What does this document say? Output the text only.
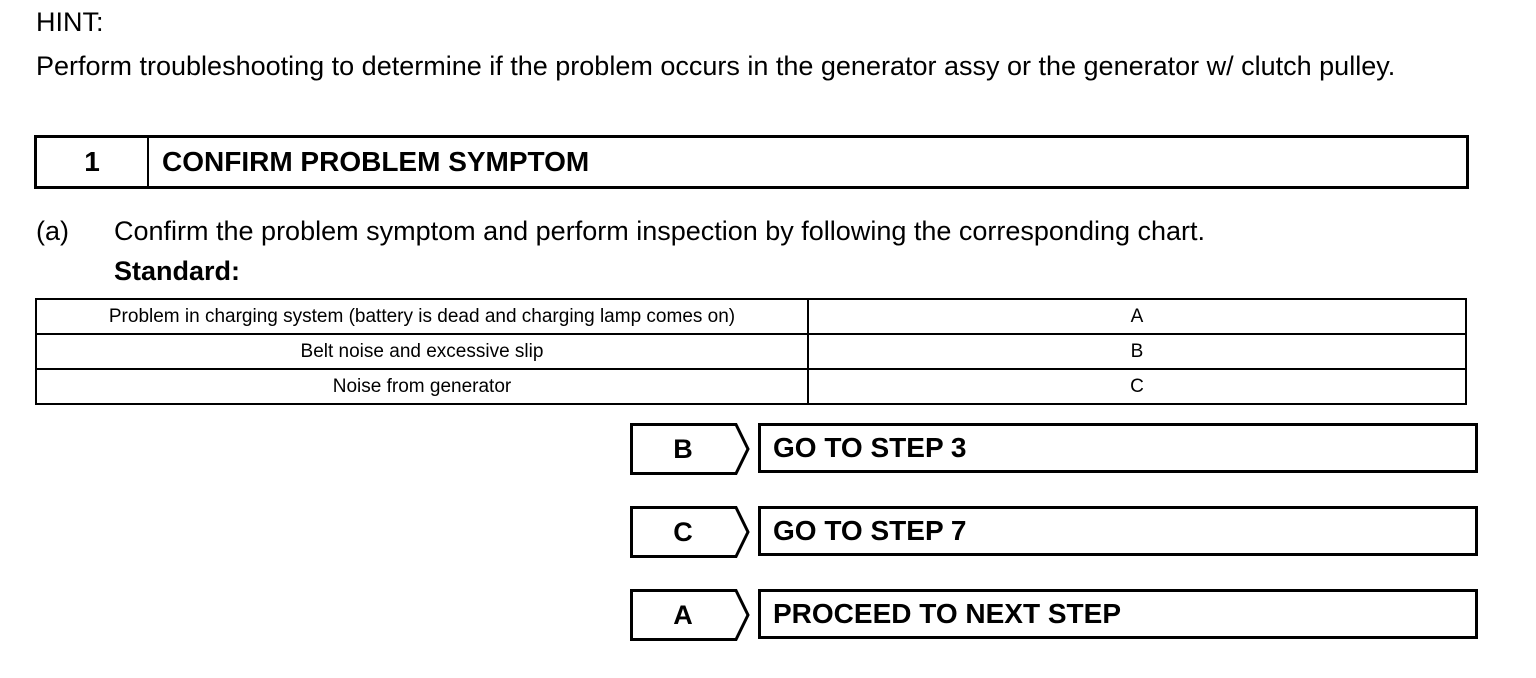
HINT:
Perform troubleshooting to determine if the problem occurs in the generator assy or the generator w/ clutch pulley.
1	CONFIRM PROBLEM SYMPTOM
(a) Confirm the problem symptom and perform inspection by following the corresponding chart.
Standard:
Problem in charging system (battery is dead and charging lamp comes on)	A
Belt noise and excessive slip	B
Noise from generator	C
B	GO TO STEP 3
C	GO TO STEP 7
A	PROCEED TO NEXT STEP
